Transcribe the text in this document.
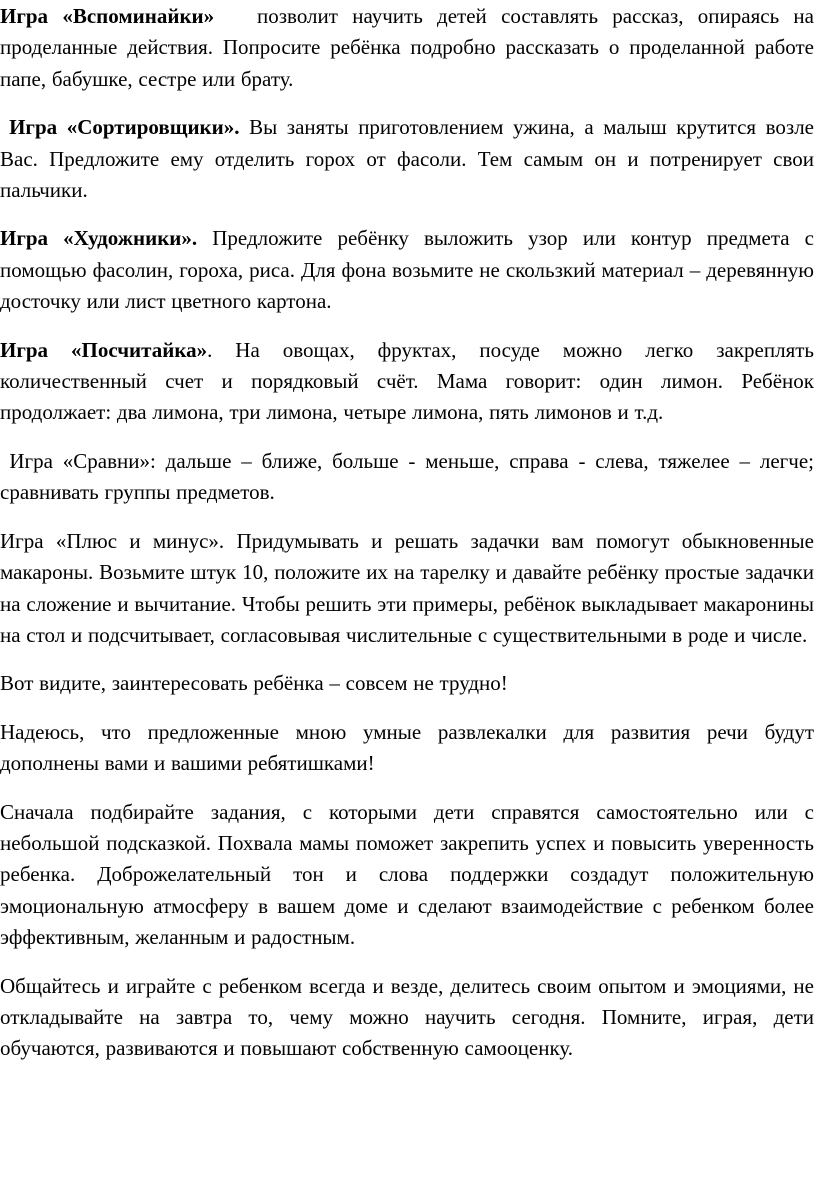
Игра «Вспоминайки» позволит научить детей составлять рассказ, опираясь на проделанные действия. Попросите ребёнка подробно рассказать о проделанной работе папе, бабушке, сестре или брату.

Игра «Сортировщики». Вы заняты приготовлением ужина, а малыш крутится возле Вас. Предложите ему отделить горох от фасоли. Тем самым он и потренирует свои пальчики.

Игра «Художники». Предложите ребёнку выложить узор или контур предмета с помощью фасолин, гороха, риса. Для фона возьмите не скользкий материал – деревянную досточку или лист цветного картона.

Игра «Посчитайка». На овощах, фруктах, посуде можно легко закреплять количественный счет и порядковый счёт. Мама говорит: один лимон. Ребёнок продолжает: два лимона, три лимона, четыре лимона, пять лимонов и т.д.

Игра «Сравни»: дальше – ближе, больше - меньше, справа - слева, тяжелее – легче; сравнивать группы предметов.

Игра «Плюс и минус». Придумывать и решать задачки вам помогут обыкновенные макароны. Возьмите штук 10, положите их на тарелку и давайте ребёнку простые задачки на сложение и вычитание. Чтобы решить эти примеры, ребёнок выкладывает макаронины на стол и подсчитывает, согласовывая числительные с существительными в роде и числе.

Вот видите, заинтересовать ребёнка – совсем не трудно!

Надеюсь, что предложенные мною умные развлекалки для развития речи будут дополнены вами и вашими ребятишками!

Сначала подбирайте задания, с которыми дети справятся самостоятельно или с небольшой подсказкой. Похвала мамы поможет закрепить успех и повысить уверенность ребенка. Доброжелательный тон и слова поддержки создадут положительную эмоциональную атмосферу в вашем доме и сделают взаимодействие с ребенком более эффективным, желанным и радостным.

Общайтесь и играйте с ребенком всегда и везде, делитесь своим опытом и эмоциями, не откладывайте на завтра то, чему можно научить сегодня. Помните, играя, дети обучаются, развиваются и повышают собственную самооценку.
